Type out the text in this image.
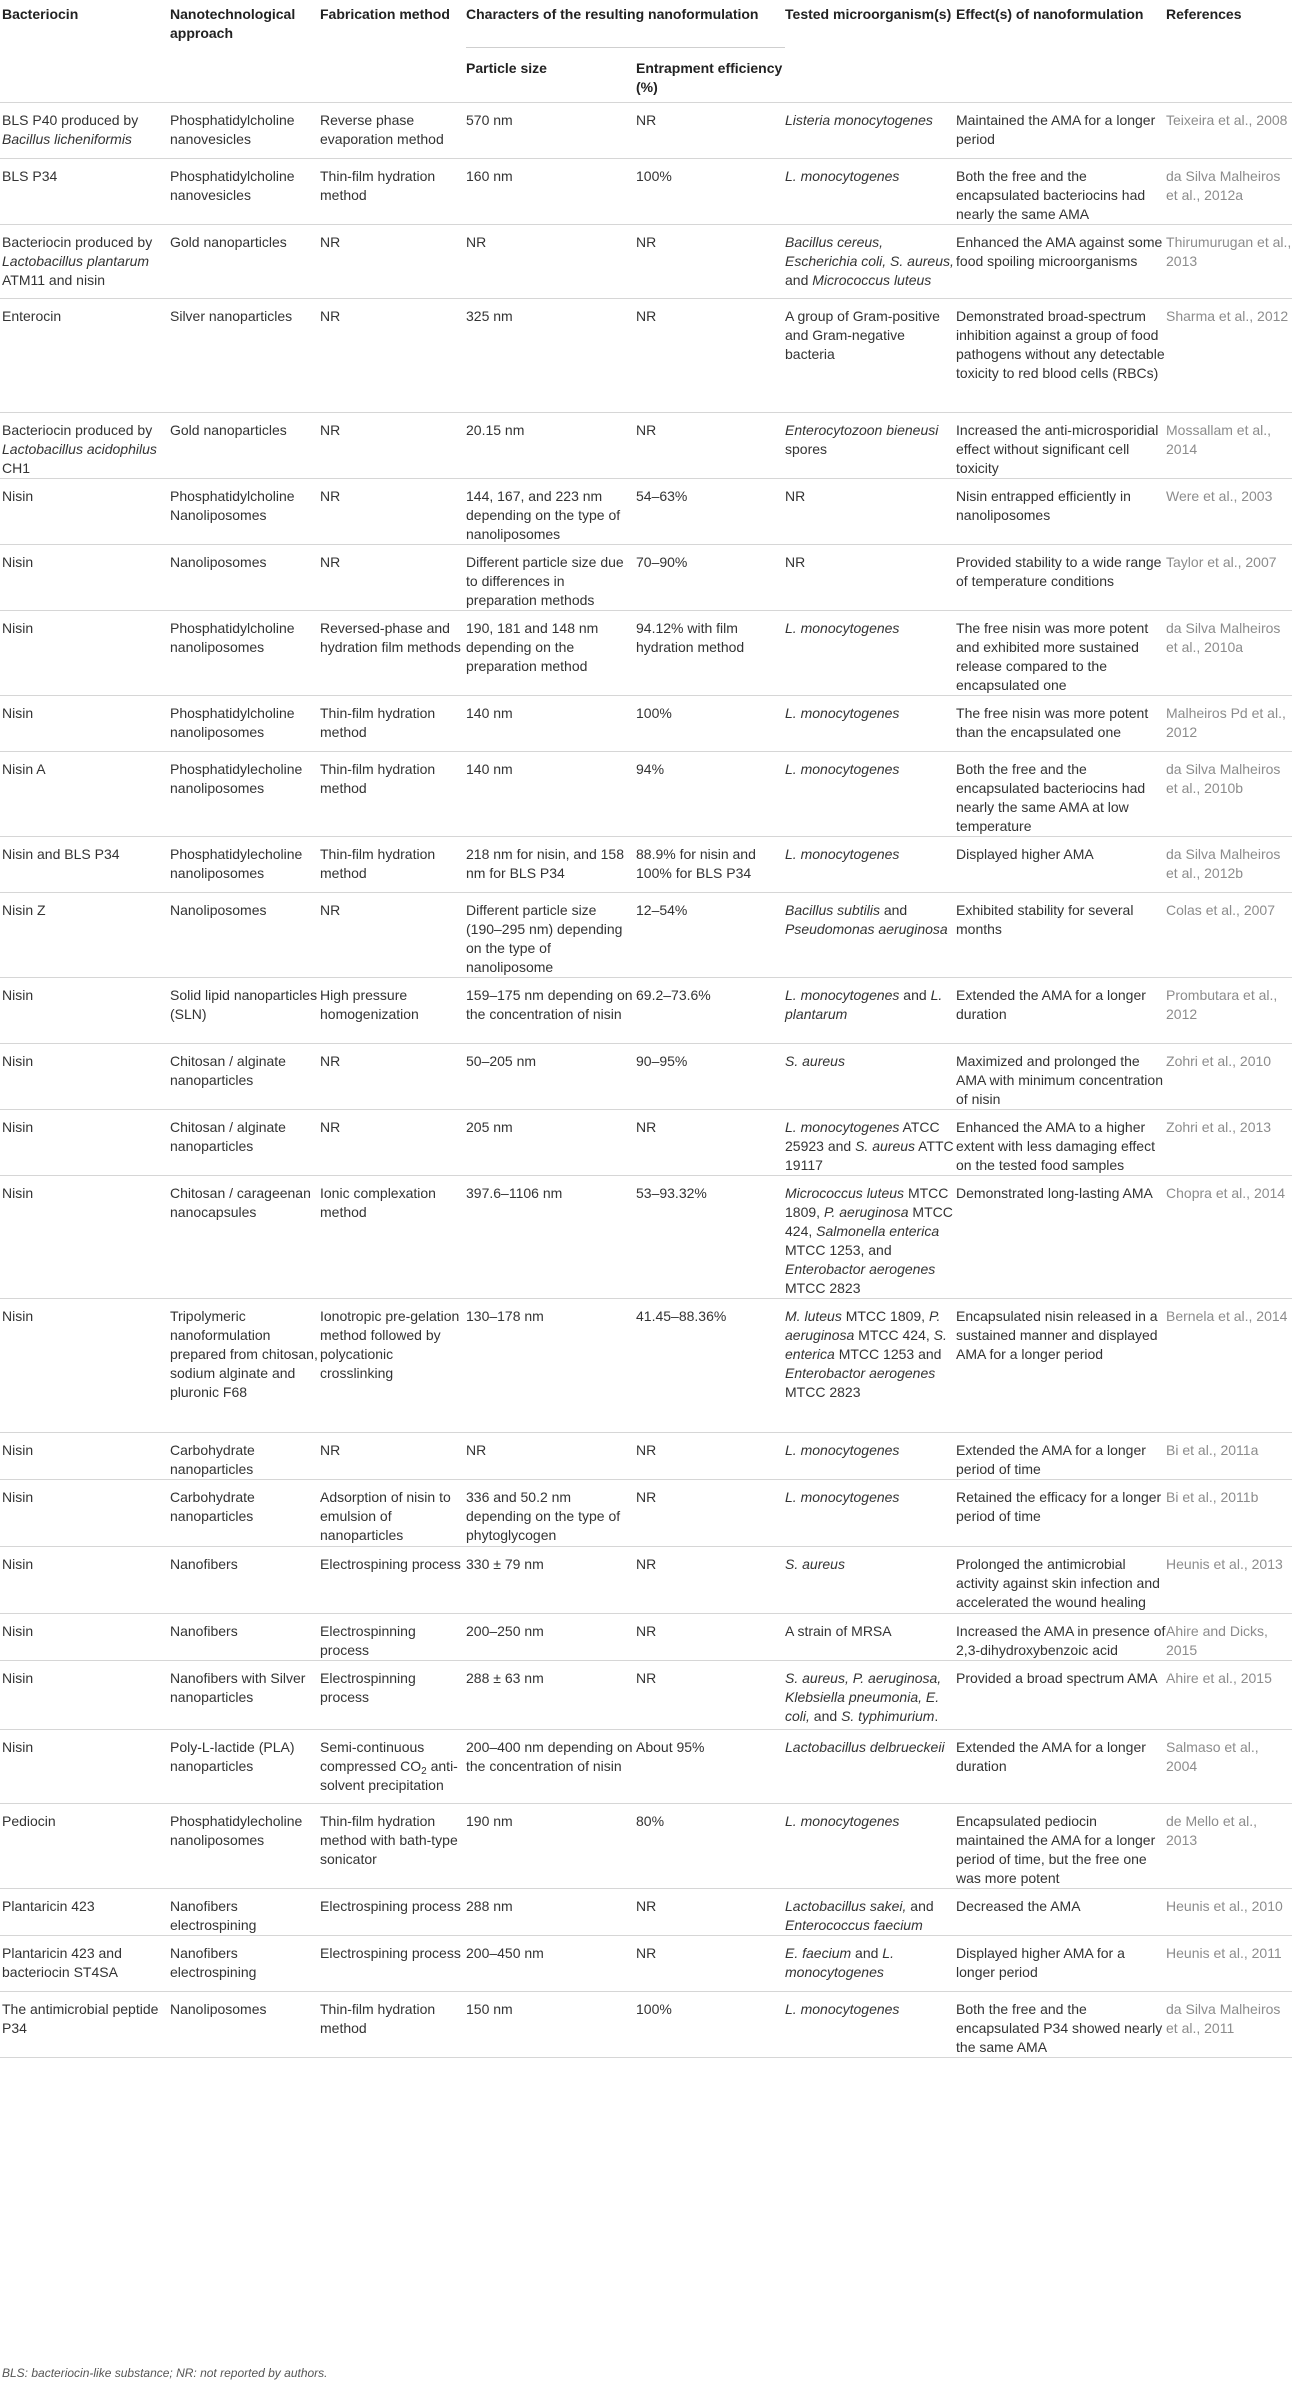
Bacteriocin	Nanotechnological approach	Fabrication method	Characters of the resulting nanoformulation		Tested microorganism(s)	Effect(s) of nanoformulation	References
			Particle size	Entrapment efficiency (%)			
BLS P40 produced by Bacillus licheniformis	Phosphatidylcholine nanovesicles	Reverse phase evaporation method	570 nm	NR	Listeria monocytogenes	Maintained the AMA for a longer period	Teixeira et al., 2008
BLS P34	Phosphatidylcholine nanovesicles	Thin-film hydration method	160 nm	100%	L. monocytogenes	Both the free and the encapsulated bacteriocins had nearly the same AMA	da Silva Malheiros et al., 2012a
Bacteriocin produced by Lactobacillus plantarum ATM11 and nisin	Gold nanoparticles	NR	NR	NR	Bacillus cereus, Escherichia coli, S. aureus, and Micrococcus luteus	Enhanced the AMA against some food spoiling microorganisms	Thirumurugan et al., 2013
Enterocin	Silver nanoparticles	NR	325 nm	NR	A group of Gram-positive and Gram-negative bacteria	Demonstrated broad-spectrum inhibition against a group of food pathogens without any detectable toxicity to red blood cells (RBCs)	Sharma et al., 2012
Bacteriocin produced by Lactobacillus acidophilus CH1	Gold nanoparticles	NR	20.15 nm	NR	Enterocytozoon bieneusi spores	Increased the anti-microsporidial effect without significant cell toxicity	Mossallam et al., 2014
Nisin	Phosphatidylcholine Nanoliposomes	NR	144, 167, and 223 nm depending on the type of nanoliposomes	54–63%	NR	Nisin entrapped efficiently in nanoliposomes	Were et al., 2003
Nisin	Nanoliposomes	NR	Different particle size due to differences in preparation methods	70–90%	NR	Provided stability to a wide range of temperature conditions	Taylor et al., 2007
Nisin	Phosphatidylcholine nanoliposomes	Reversed-phase and hydration film methods	190, 181 and 148 nm depending on the preparation method	94.12% with film hydration method	L. monocytogenes	The free nisin was more potent and exhibited more sustained release compared to the encapsulated one	da Silva Malheiros et al., 2010a
Nisin	Phosphatidylcholine nanoliposomes	Thin-film hydration method	140 nm	100%	L. monocytogenes	The free nisin was more potent than the encapsulated one	Malheiros Pd et al., 2012
Nisin A	Phosphatidylecholine nanoliposomes	Thin-film hydration method	140 nm	94%	L. monocytogenes	Both the free and the encapsulated bacteriocins had nearly the same AMA at low temperature	da Silva Malheiros et al., 2010b
Nisin and BLS P34	Phosphatidylecholine nanoliposomes	Thin-film hydration method	218 nm for nisin, and 158 nm for BLS P34	88.9% for nisin and 100% for BLS P34	L. monocytogenes	Displayed higher AMA	da Silva Malheiros et al., 2012b
Nisin Z	Nanoliposomes	NR	Different particle size (190–295 nm) depending on the type of nanoliposome	12–54%	Bacillus subtilis and Pseudomonas aeruginosa	Exhibited stability for several months	Colas et al., 2007
Nisin	Solid lipid nanoparticles (SLN)	High pressure homogenization	159–175 nm depending on the concentration of nisin	69.2–73.6%	L. monocytogenes and L. plantarum	Extended the AMA for a longer duration	Prombutara et al., 2012
Nisin	Chitosan / alginate nanoparticles	NR	50–205 nm	90–95%	S. aureus	Maximized and prolonged the AMA with minimum concentration of nisin	Zohri et al., 2010
Nisin	Chitosan / alginate nanoparticles	NR	205 nm	NR	L. monocytogenes ATCC 25923 and S. aureus ATTC 19117	Enhanced the AMA to a higher extent with less damaging effect on the tested food samples	Zohri et al., 2013
Nisin	Chitosan / carageenan nanocapsules	Ionic complexation method	397.6–1106 nm	53–93.32%	Micrococcus luteus MTCC 1809, P. aeruginosa MTCC 424, Salmonella enterica MTCC 1253, and Enterobactor aerogenes MTCC 2823	Demonstrated long-lasting AMA	Chopra et al., 2014
Nisin	Tripolymeric nanoformulation prepared from chitosan, sodium alginate and pluronic F68	Ionotropic pre-gelation method followed by polycationic crosslinking	130–178 nm	41.45–88.36%	M. luteus MTCC 1809, P. aeruginosa MTCC 424, S. enterica MTCC 1253 and Enterobactor aerogenes MTCC 2823	Encapsulated nisin released in a sustained manner and displayed AMA for a longer period	Bernela et al., 2014
Nisin	Carbohydrate nanoparticles	NR	NR	NR	L. monocytogenes	Extended the AMA for a longer period of time	Bi et al., 2011a
Nisin	Carbohydrate nanoparticles	Adsorption of nisin to emulsion of nanoparticles	336 and 50.2 nm depending on the type of phytoglycogen	NR	L. monocytogenes	Retained the efficacy for a longer period of time	Bi et al., 2011b
Nisin	Nanofibers	Electrospining process	330 ± 79 nm	NR	S. aureus	Prolonged the antimicrobial activity against skin infection and accelerated the wound healing	Heunis et al., 2013
Nisin	Nanofibers	Electrospinning process	200–250 nm	NR	A strain of MRSA	Increased the AMA in presence of 2,3-dihydroxybenzoic acid	Ahire and Dicks, 2015
Nisin	Nanofibers with Silver nanoparticles	Electrospinning process	288 ± 63 nm	NR	S. aureus, P. aeruginosa, Klebsiella pneumonia, E. coli, and S. typhimurium.	Provided a broad spectrum AMA	Ahire et al., 2015
Nisin	Poly-L-lactide (PLA) nanoparticles	Semi-continuous compressed $CO_2$ anti-solvent precipitation	200–400 nm depending on the concentration of nisin	About 95%	Lactobacillus delbrueckeii	Extended the AMA for a longer duration	Salmaso et al., 2004
Pediocin	Phosphatidylecholine nanoliposomes	Thin-film hydration method with bath-type sonicator	190 nm	80%	L. monocytogenes	Encapsulated pediocin maintained the AMA for a longer period of time, but the free one was more potent	de Mello et al., 2013
Plantaricin 423	Nanofibers electrospining	Electrospining process	288 nm	NR	Lactobacillus sakei, and Enterococcus faecium	Decreased the AMA	Heunis et al., 2010
Plantaricin 423 and bacteriocin ST4SA	Nanofibers electrospining	Electrospining process	200–450 nm	NR	E. faecium and L. monocytogenes	Displayed higher AMA for a longer period	Heunis et al., 2011
The antimicrobial peptide P34	Nanoliposomes	Thin-film hydration method	150 nm	100%	L. monocytogenes	Both the free and the encapsulated P34 showed nearly the same AMA	da Silva Malheiros et al., 2011
BLS: bacteriocin-like substance; NR: not reported by authors.
